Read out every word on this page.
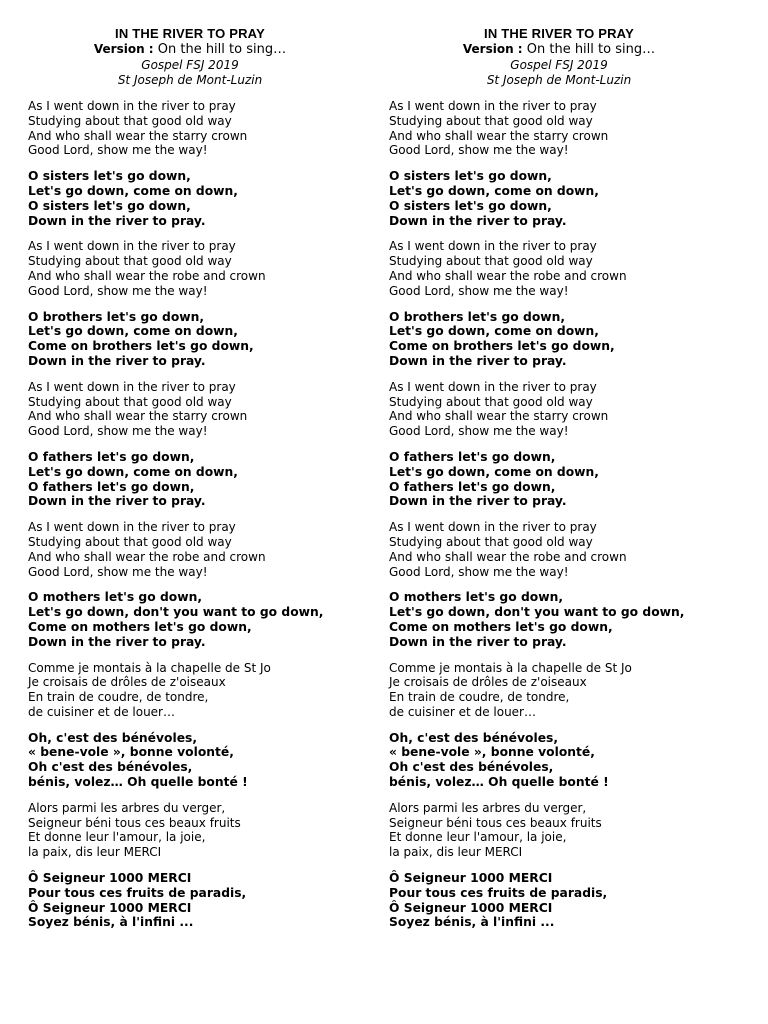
IN THE RIVER TO PRAY
Version : On the hill to sing…
Gospel FSJ 2019
St Joseph de Mont-Luzin
As I went down in the river to pray
Studying about that good old way
And who shall wear the starry crown
Good Lord, show me the way!
O sisters let's go down,
Let's go down, come on down,
O sisters let's go down,
Down in the river to pray.
As I went down in the river to pray
Studying about that good old way
And who shall wear the robe and crown
Good Lord, show me the way!
O brothers let's go down,
Let's go down, come on down,
Come on brothers let's go down,
Down in the river to pray.
As I went down in the river to pray
Studying about that good old way
And who shall wear the starry crown
Good Lord, show me the way!
O fathers let's go down,
Let's go down, come on down,
O fathers let's go down,
Down in the river to pray.
As I went down in the river to pray
Studying about that good old way
And who shall wear the robe and crown
Good Lord, show me the way!
O mothers let's go down,
Let's go down, don't you want to go down,
Come on mothers let's go down,
Down in the river to pray.
Comme je montais à la chapelle de St Jo
Je croisais de drôles de z'oiseaux
En train de coudre, de tondre,
de cuisiner et de louer…
Oh, c'est des bénévoles,
« bene-vole », bonne volonté,
Oh c'est des bénévoles,
bénis, volez… Oh quelle bonté !
Alors parmi les arbres du verger,
Seigneur béni tous ces beaux fruits
Et donne leur l'amour, la joie,
la paix, dis leur MERCI
Ô Seigneur 1000 MERCI
Pour tous ces fruits de paradis,
Ô Seigneur 1000 MERCI
Soyez bénis, à l'infini ...
IN THE RIVER TO PRAY
Version : On the hill to sing…
Gospel FSJ 2019
St Joseph de Mont-Luzin
As I went down in the river to pray
Studying about that good old way
And who shall wear the starry crown
Good Lord, show me the way!
O sisters let's go down,
Let's go down, come on down,
O sisters let's go down,
Down in the river to pray.
As I went down in the river to pray
Studying about that good old way
And who shall wear the robe and crown
Good Lord, show me the way!
O brothers let's go down,
Let's go down, come on down,
Come on brothers let's go down,
Down in the river to pray.
As I went down in the river to pray
Studying about that good old way
And who shall wear the starry crown
Good Lord, show me the way!
O fathers let's go down,
Let's go down, come on down,
O fathers let's go down,
Down in the river to pray.
As I went down in the river to pray
Studying about that good old way
And who shall wear the robe and crown
Good Lord, show me the way!
O mothers let's go down,
Let's go down, don't you want to go down,
Come on mothers let's go down,
Down in the river to pray.
Comme je montais à la chapelle de St Jo
Je croisais de drôles de z'oiseaux
En train de coudre, de tondre,
de cuisiner et de louer…
Oh, c'est des bénévoles,
« bene-vole », bonne volonté,
Oh c'est des bénévoles,
bénis, volez… Oh quelle bonté !
Alors parmi les arbres du verger,
Seigneur béni tous ces beaux fruits
Et donne leur l'amour, la joie,
la paix, dis leur MERCI
Ô Seigneur 1000 MERCI
Pour tous ces fruits de paradis,
Ô Seigneur 1000 MERCI
Soyez bénis, à l'infini ...
